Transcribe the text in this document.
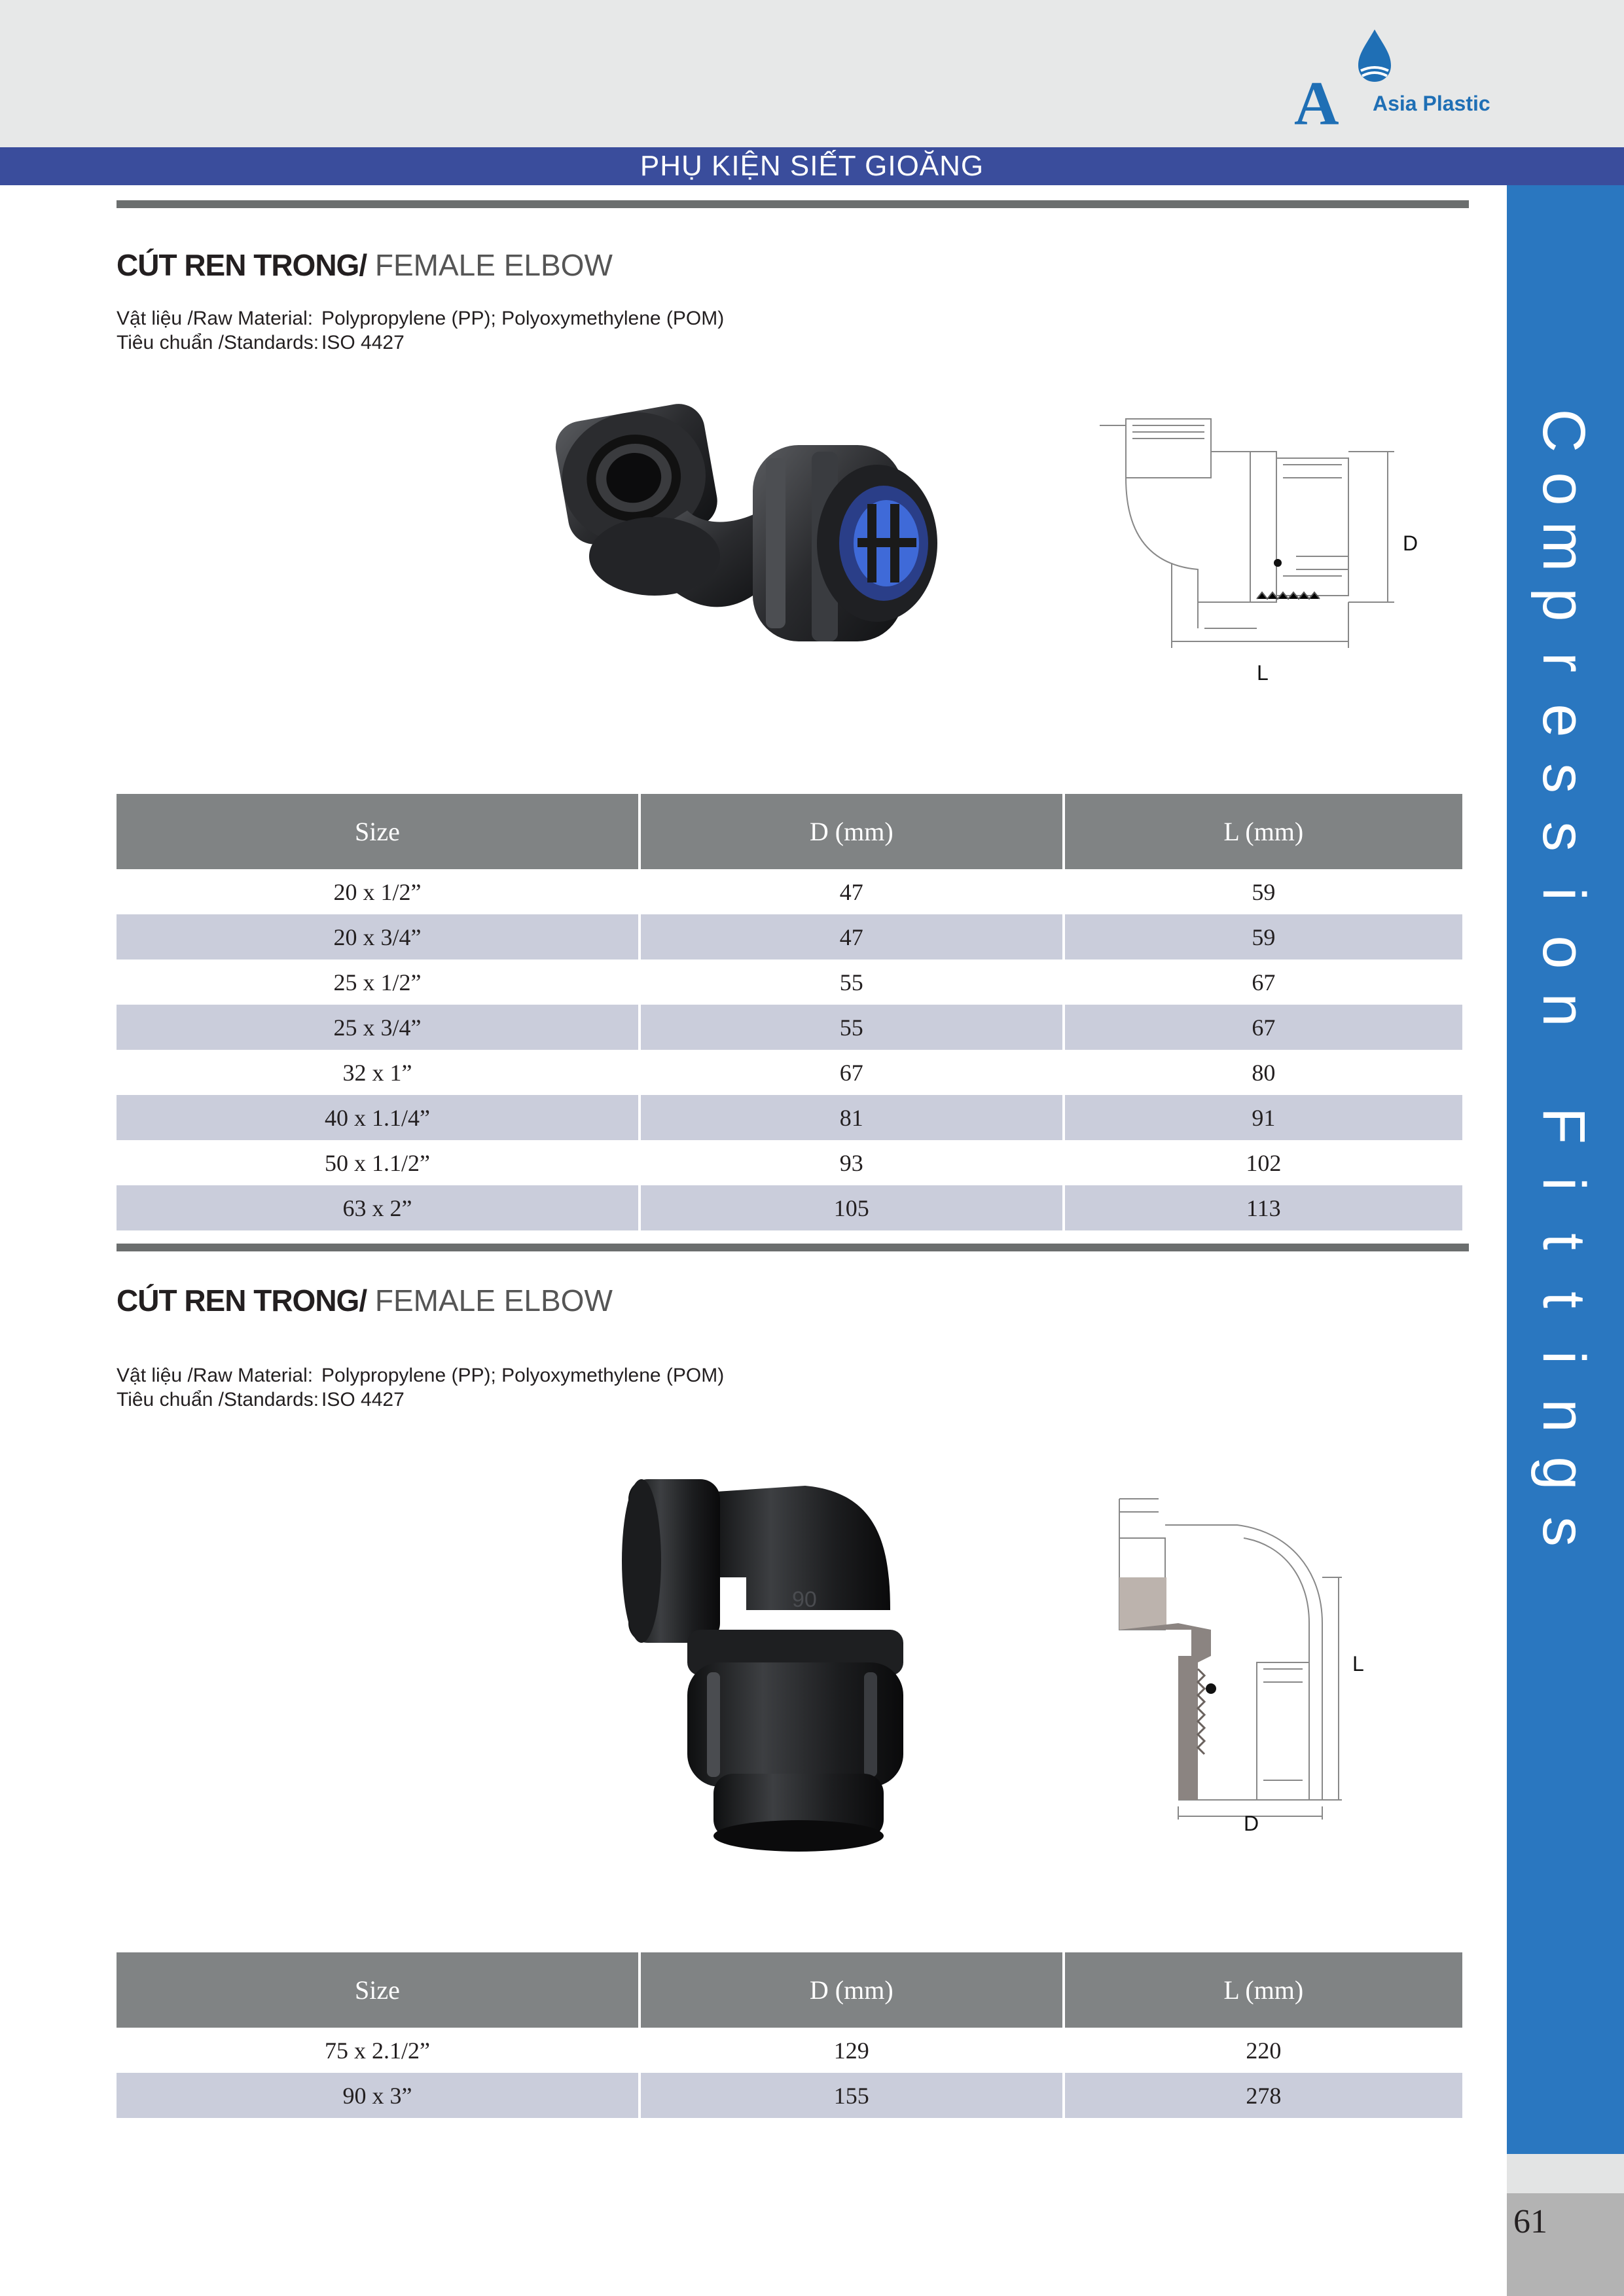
A Asia Plastic
PHỤ KIỆN SIẾT GIOĂNG
C
o
m
p
r
e
s
s
i
o
n

F
i
t
t
i
n
g
s
61
CÚT REN TRONG/ FEMALE ELBOW
Vật liệu /Raw Material: Polypropylene (PP); Polyoxymethylene (POM)
Tiêu chuẩn /Standards: ISO 4427
D
L
Size	D (mm)	L (mm)
20 x 1/2”	47	59
20 x 3/4”	47	59
25 x 1/2”	55	67
25 x 3/4”	55	67
32 x 1”	67	80
40 x 1.1/4”	81	91
50 x 1.1/2”	93	102
63 x 2”	105	113
CÚT REN TRONG/ FEMALE ELBOW
Vật liệu /Raw Material: Polypropylene (PP); Polyoxymethylene (POM)
Tiêu chuẩn /Standards: ISO 4427
90
L
D
Size	D (mm)	L (mm)
75 x 2.1/2”	129	220
90 x 3”	155	278
